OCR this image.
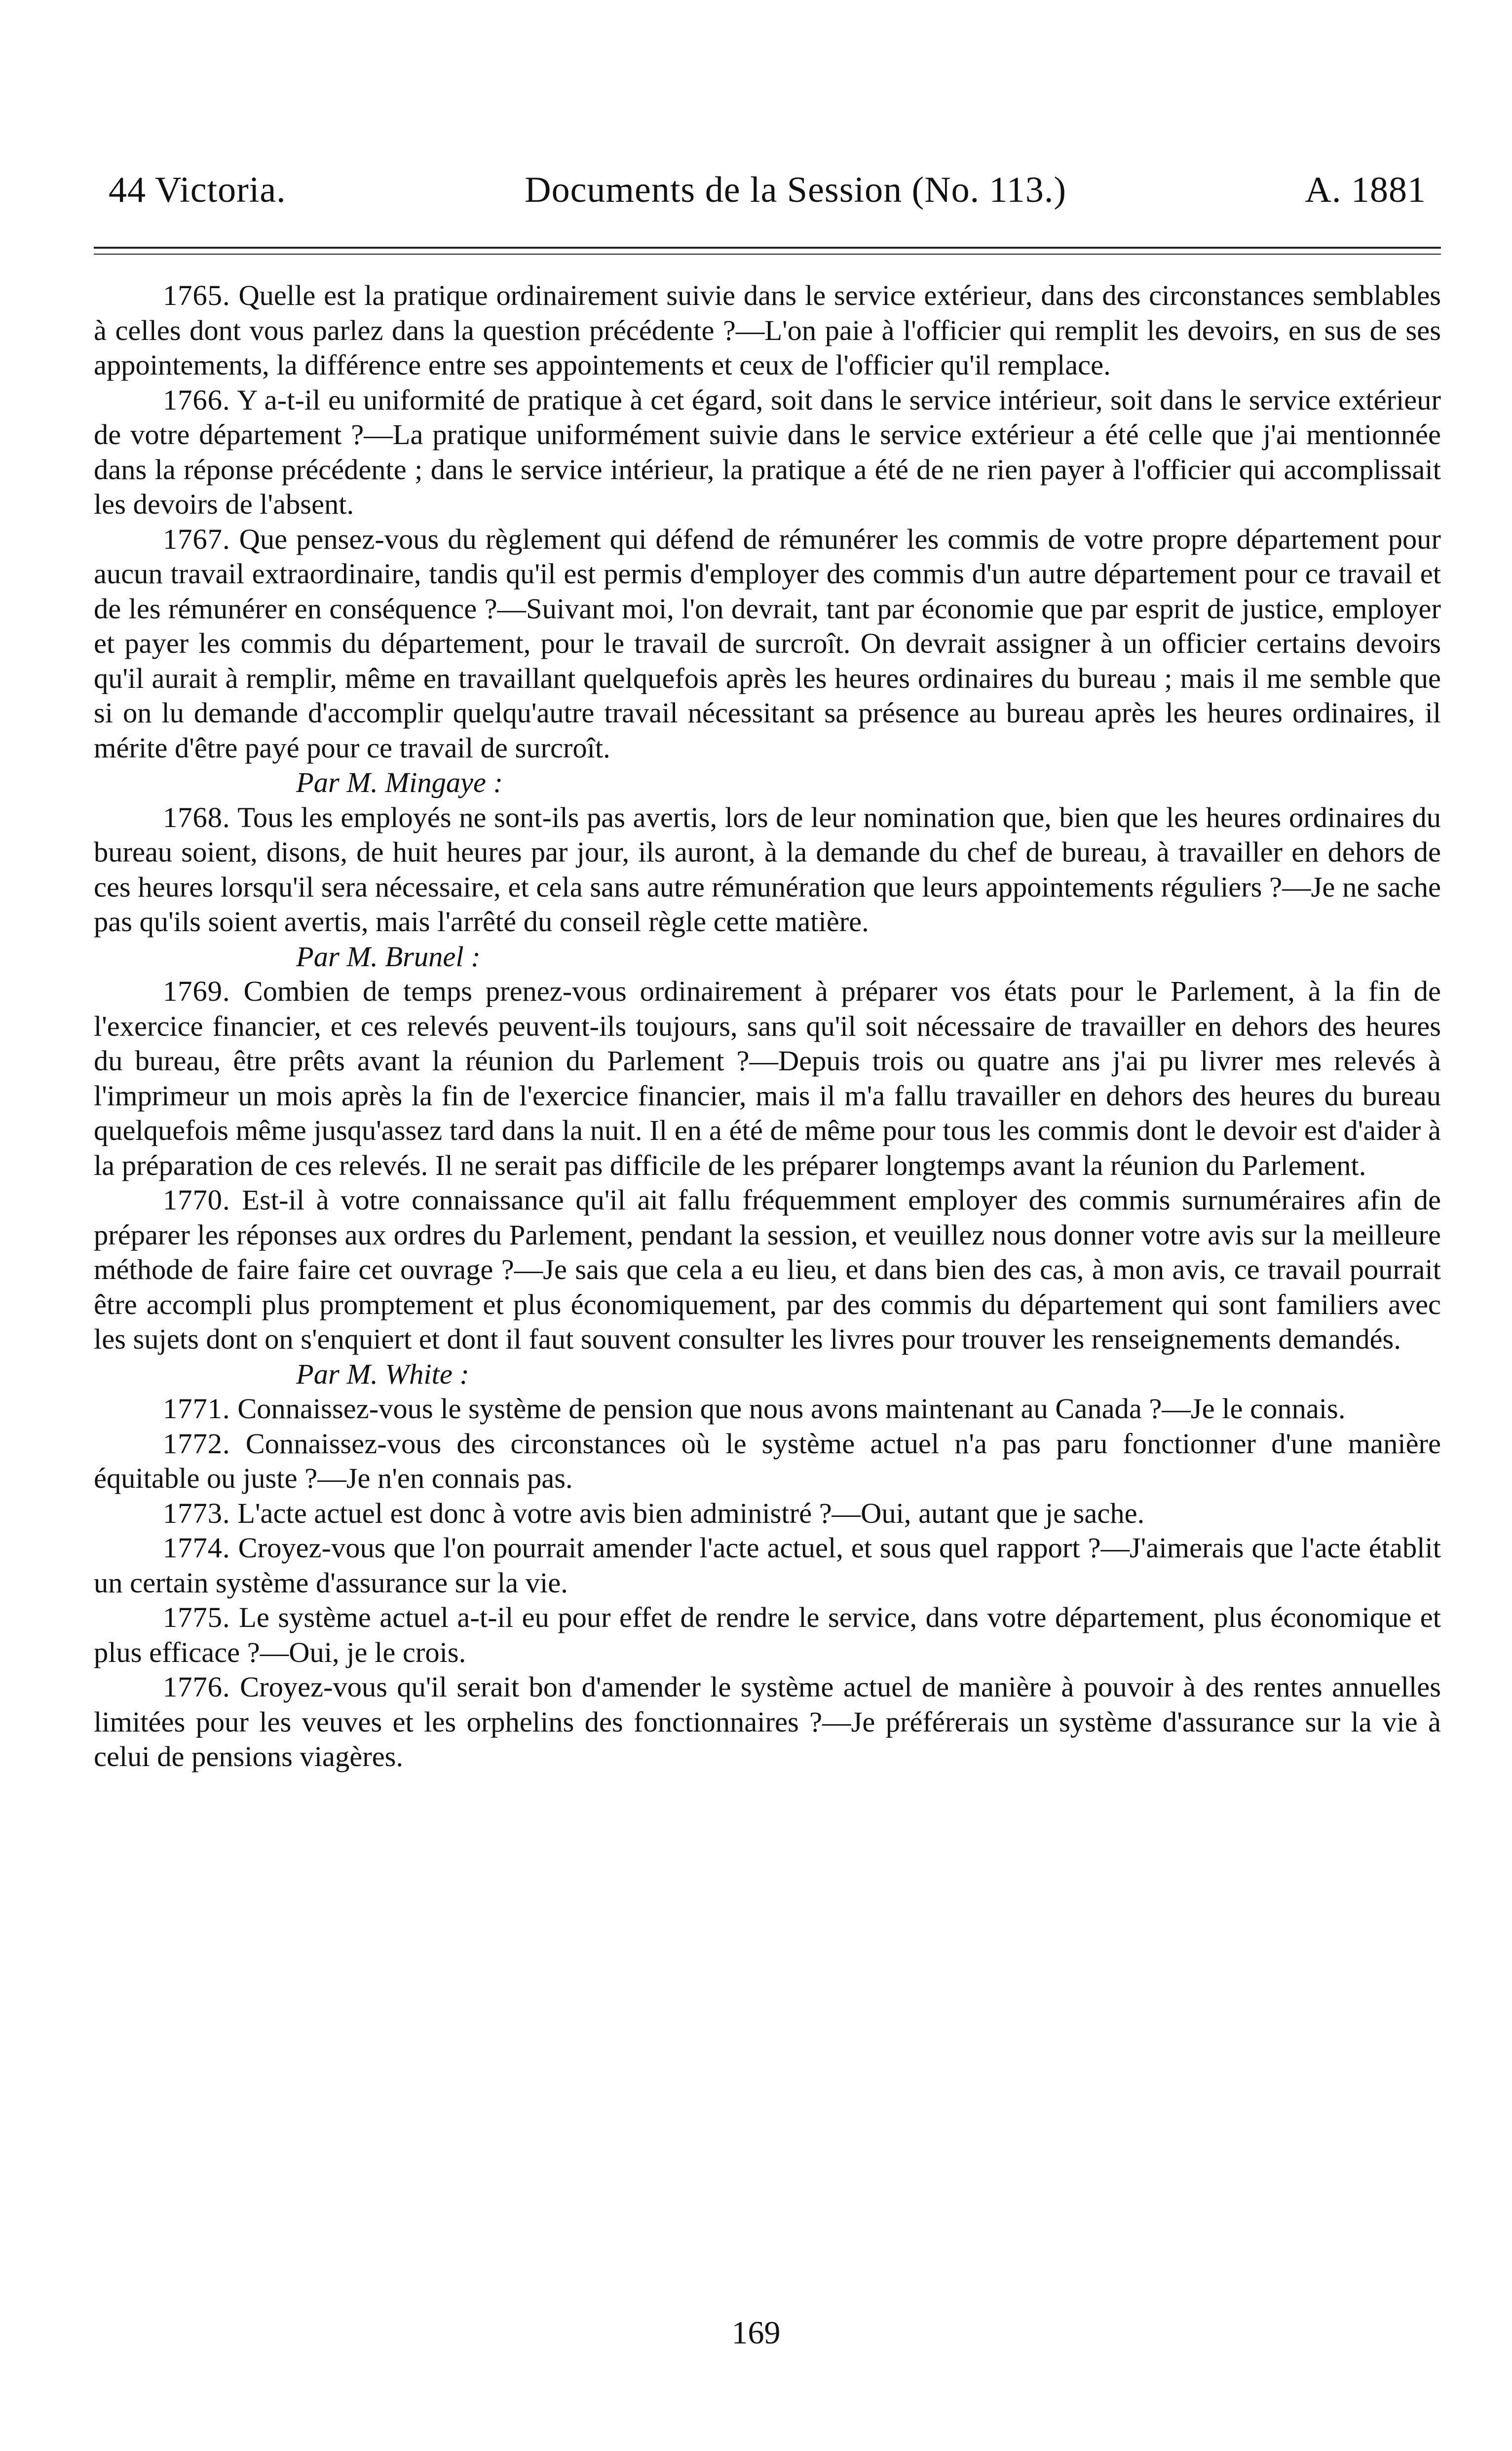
44 Victoria.	Documents de la Session (No. 113.)	A. 1881

1765. Quelle est la pratique ordinairement suivie dans le service extérieur, dans des circonstances semblables à celles dont vous parlez dans la question précédente ?—L'on paie à l'officier qui remplit les devoirs, en sus de ses appointements, la différence entre ses appointements et ceux de l'officier qu'il remplace.

1766. Y a-t-il eu uniformité de pratique à cet égard, soit dans le service intérieur, soit dans le service extérieur de votre département ?—La pratique uniformément suivie dans le service extérieur a été celle que j'ai mentionnée dans la réponse précédente ; dans le service intérieur, la pratique a été de ne rien payer à l'officier qui accomplissait les devoirs de l'absent.

1767. Que pensez-vous du règlement qui défend de rémunérer les commis de votre propre département pour aucun travail extraordinaire, tandis qu'il est permis d'employer des commis d'un autre département pour ce travail et de les rémunérer en conséquence ?—Suivant moi, l'on devrait, tant par économie que par esprit de justice, employer et payer les commis du département, pour le travail de surcroît. On devrait assigner à un officier certains devoirs qu'il aurait à remplir, même en travaillant quelquefois après les heures ordinaires du bureau ; mais il me semble que si on lu demande d'accomplir quelqu'autre travail nécessitant sa présence au bureau après les heures ordinaires, il mérite d'être payé pour ce travail de surcroît.

Par M. Mingaye :

1768. Tous les employés ne sont-ils pas avertis, lors de leur nomination que, bien que les heures ordinaires du bureau soient, disons, de huit heures par jour, ils auront, à la demande du chef de bureau, à travailler en dehors de ces heures lorsqu'il sera nécessaire, et cela sans autre rémunération que leurs appointements réguliers ?—Je ne sache pas qu'ils soient avertis, mais l'arrêté du conseil règle cette matière.

Par M. Brunel :

1769. Combien de temps prenez-vous ordinairement à préparer vos états pour le Parlement, à la fin de l'exercice financier, et ces relevés peuvent-ils toujours, sans qu'il soit nécessaire de travailler en dehors des heures du bureau, être prêts avant la réunion du Parlement ?—Depuis trois ou quatre ans j'ai pu livrer mes relevés à l'imprimeur un mois après la fin de l'exercice financier, mais il m'a fallu travailler en dehors des heures du bureau quelquefois même jusqu'assez tard dans la nuit. Il en a été de même pour tous les commis dont le devoir est d'aider à la préparation de ces relevés. Il ne serait pas difficile de les préparer longtemps avant la réunion du Parlement.

1770. Est-il à votre connaissance qu'il ait fallu fréquemment employer des commis surnuméraires afin de préparer les réponses aux ordres du Parlement, pendant la session, et veuillez nous donner votre avis sur la meilleure méthode de faire faire cet ouvrage ?—Je sais que cela a eu lieu, et dans bien des cas, à mon avis, ce travail pourrait être accompli plus promptement et plus économiquement, par des commis du département qui sont familiers avec les sujets dont on s'enquiert et dont il faut souvent consulter les livres pour trouver les renseignements demandés.

Par M. White :

1771. Connaissez-vous le système de pension que nous avons maintenant au Canada ?—Je le connais.

1772. Connaissez-vous des circonstances où le système actuel n'a pas paru fonctionner d'une manière équitable ou juste ?—Je n'en connais pas.

1773. L'acte actuel est donc à votre avis bien administré ?—Oui, autant que je sache.

1774. Croyez-vous que l'on pourrait amender l'acte actuel, et sous quel rapport ?—J'aimerais que l'acte établit un certain système d'assurance sur la vie.

1775. Le système actuel a-t-il eu pour effet de rendre le service, dans votre département, plus économique et plus efficace ?—Oui, je le crois.

1776. Croyez-vous qu'il serait bon d'amender le système actuel de manière à pouvoir à des rentes annuelles limitées pour les veuves et les orphelins des fonctionnaires ?—Je préférerais un système d'assurance sur la vie à celui de pensions viagères.

169
